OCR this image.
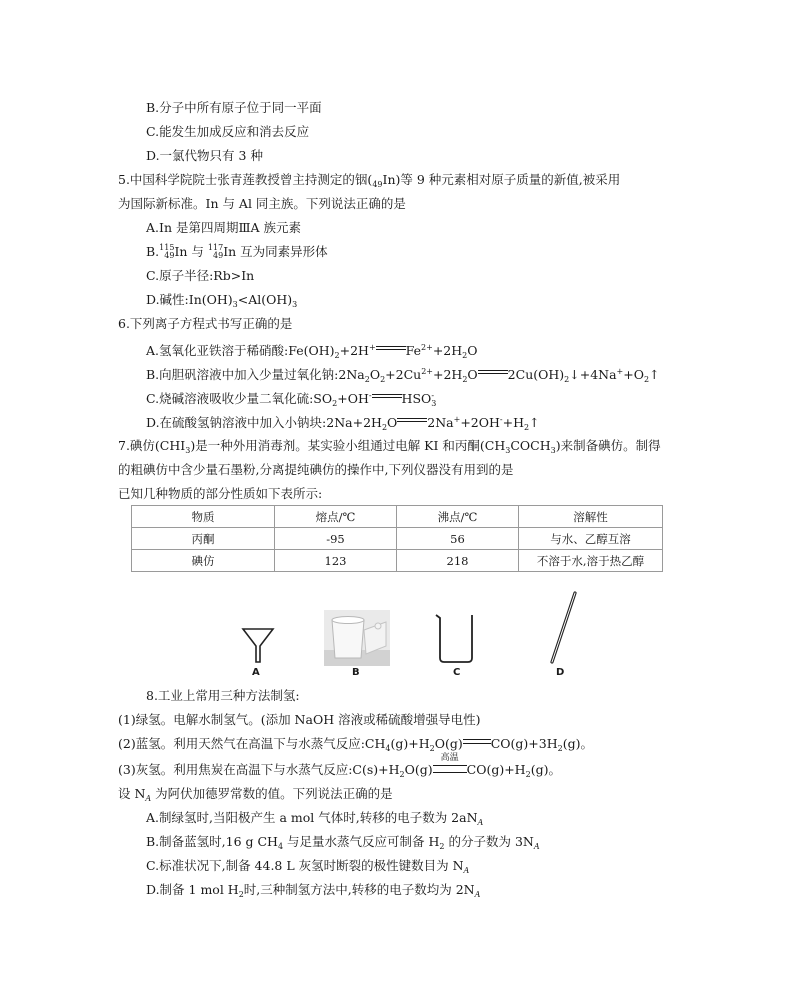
B.分子中所有原子位于同一平面
C.能发生加成反应和消去反应
D.一氯代物只有 3 种
5.中国科学院院士张青莲教授曾主持测定的铟$(_{49}In)$等 9 种元素相对原子质量的新值,被采用
为国际新标准。In 与 Al 同主族。下列说法正确的是
A.In 是第四周期ⅢA 族元素
B.115
49In 与 117
49In 互为同素异形体
C.原子半径:Rb>In
D.碱性$:In(OH)_3<Al(OH)_3$
6.下列离子方程式书写正确的是
A.氢氧化亚铁溶于稀硝酸$:Fe(OH)_2+2H^+$ $Fe^{2+}+2H_2O$
B.向胆矾溶液中加入少量过氧化钠$:2Na_2O_2+2Cu^{2+}+2H_2O$ $2Cu(OH)_2↓+4Na^++O_2↑$
C.烧碱溶液吸收少量二氧化硫$:SO_2+OH^-$ $HSO_3^-$
D.在硫酸氢钠溶液中加入小钠块$:2Na+2H_2O$ $2Na^++2OH^-+H_2↑$
7.碘仿$(CHI_3)$是一种外用消毒剂。某实验小组通过电解 KI 和丙酮$(CH_3COCH_3)$来制备碘仿。制得
的粗碘仿中含少量石墨粉,分离提纯碘仿的操作中,下列仪器没有用到的是
已知几种物质的部分性质如下表所示:
物质	熔点/℃	沸点/℃	溶解性
丙酮	-95	56	与水、乙醇互溶
碘仿	123	218	不溶于水,溶于热乙醇
A	B	C	D
8.工业上常用三种方法制氢:
(1)绿氢。电解水制氢气。(添加 NaOH 溶液或稀硫酸增强导电性)
(2)蓝氢。利用天然气在高温下与水蒸气反应$:CH_4(g)+H_2O(g)$ $CO(g)+3H_2(g)$。
(3)灰氢。利用焦炭在高温下与水蒸气反应$:C(s)+H_2O(g)$
高温
$CO(g)+H_2(g)$。
设 $N_A$ 为阿伏加德罗常数的值。下列说法正确的是
A.制绿氢时,当阳极产生 a mol 气体时,转移的电子数为 $2aN_A$
B.制备蓝氢时,16 g $CH_4$ 与足量水蒸气反应可制备 $H_2$ 的分子数为 $3N_A$
C.标准状况下,制备 44.8 L 灰氢时断裂的极性键数目为 $N_A$
D.制备 1 mol $H_2$时,三种制氢方法中,转移的电子数均为 $2N_A$
